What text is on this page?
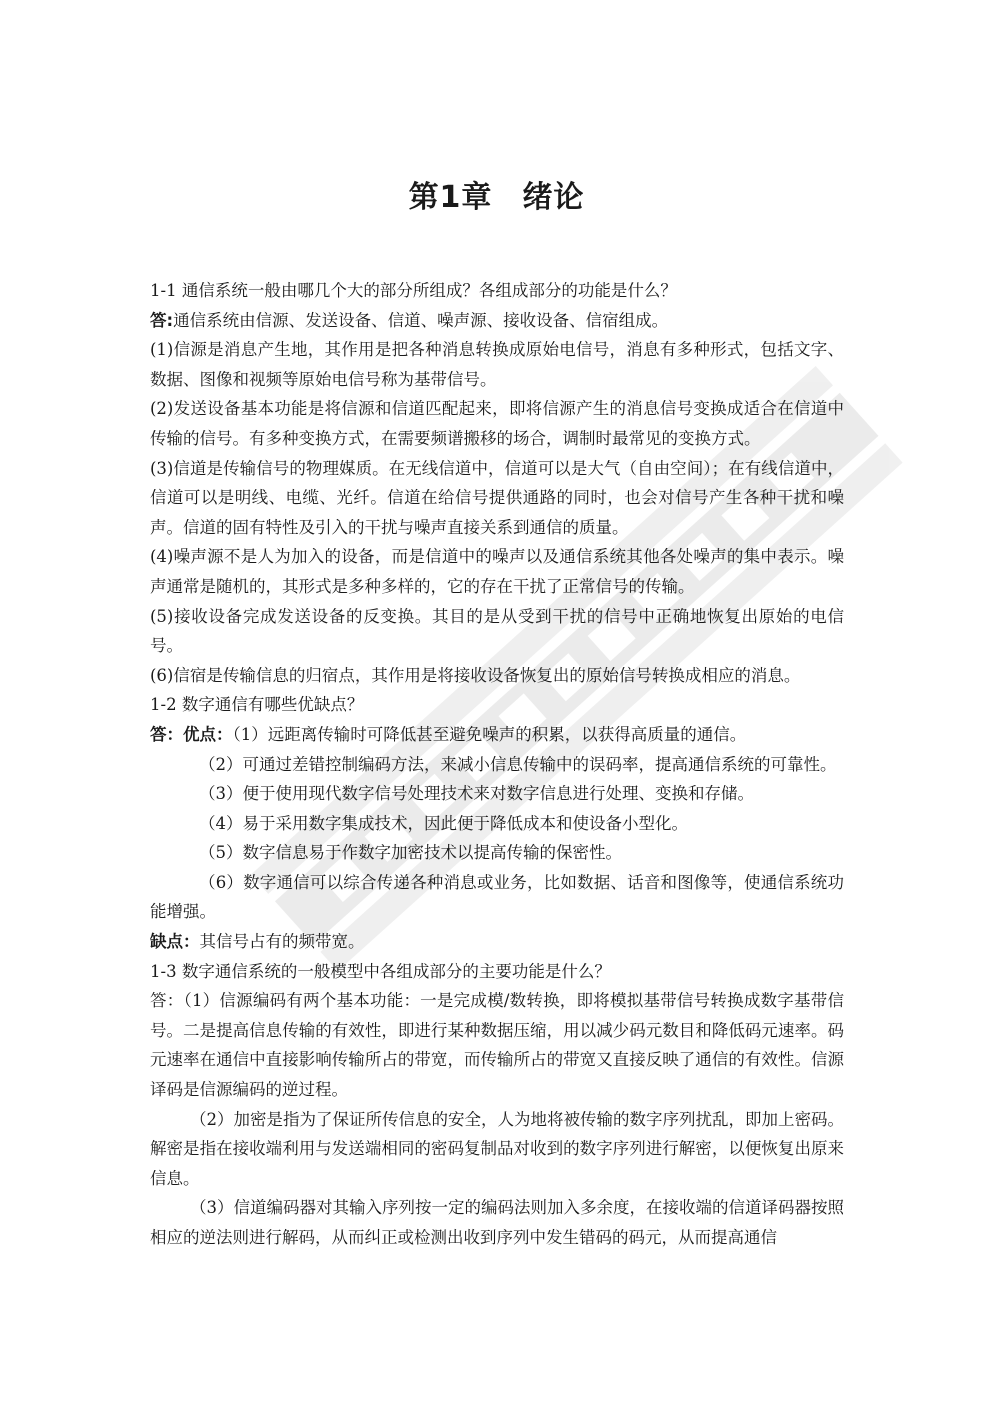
第1章 绪论

1-1 通信系统一般由哪几个大的部分所组成？各组成部分的功能是什么？

答:通信系统由信源、发送设备、信道、噪声源、接收设备、信宿组成。

(1)信源是消息产生地，其作用是把各种消息转换成原始电信号，消息有多种形式，包括文字、数据、图像和视频等原始电信号称为基带信号。

(2)发送设备基本功能是将信源和信道匹配起来，即将信源产生的消息信号变换成适合在信道中传输的信号。有多种变换方式，在需要频谱搬移的场合，调制时最常见的变换方式。

(3)信道是传输信号的物理媒质。在无线信道中，信道可以是大气（自由空间）；在有线信道中，信道可以是明线、电缆、光纤。信道在给信号提供通路的同时，也会对信号产生各种干扰和噪声。信道的固有特性及引入的干扰与噪声直接关系到通信的质量。

(4)噪声源不是人为加入的设备，而是信道中的噪声以及通信系统其他各处噪声的集中表示。噪声通常是随机的，其形式是多种多样的，它的存在干扰了正常信号的传输。

(5)接收设备完成发送设备的反变换。其目的是从受到干扰的信号中正确地恢复出原始的电信号。

(6)信宿是传输信息的归宿点，其作用是将接收设备恢复出的原始信号转换成相应的消息。

1-2 数字通信有哪些优缺点？

答：优点：（1）远距离传输时可降低甚至避免噪声的积累，以获得高质量的通信。

（2）可通过差错控制编码方法，来减小信息传输中的误码率，提高通信系统的可靠性。

（3）便于使用现代数字信号处理技术来对数字信息进行处理、变换和存储。

（4）易于采用数字集成技术，因此便于降低成本和使设备小型化。

（5）数字信息易于作数字加密技术以提高传输的保密性。

（6）数字通信可以综合传递各种消息或业务，比如数据、话音和图像等，使通信系统功能增强。

缺点：其信号占有的频带宽。

1-3 数字通信系统的一般模型中各组成部分的主要功能是什么？

答：（1）信源编码有两个基本功能：一是完成模/数转换，即将模拟基带信号转换成数字基带信号。二是提高信息传输的有效性，即进行某种数据压缩，用以减少码元数目和降低码元速率。码元速率在通信中直接影响传输所占的带宽，而传输所占的带宽又直接反映了通信的有效性。信源译码是信源编码的逆过程。

（2）加密是指为了保证所传信息的安全，人为地将被传输的数字序列扰乱，即加上密码。解密是指在接收端利用与发送端相同的密码复制品对收到的数字序列进行解密，以便恢复出原来信息。

（3）信道编码器对其输入序列按一定的编码法则加入多余度，在接收端的信道译码器按照相应的逆法则进行解码，从而纠正或检测出收到序列中发生错码的码元，从而提高通信
